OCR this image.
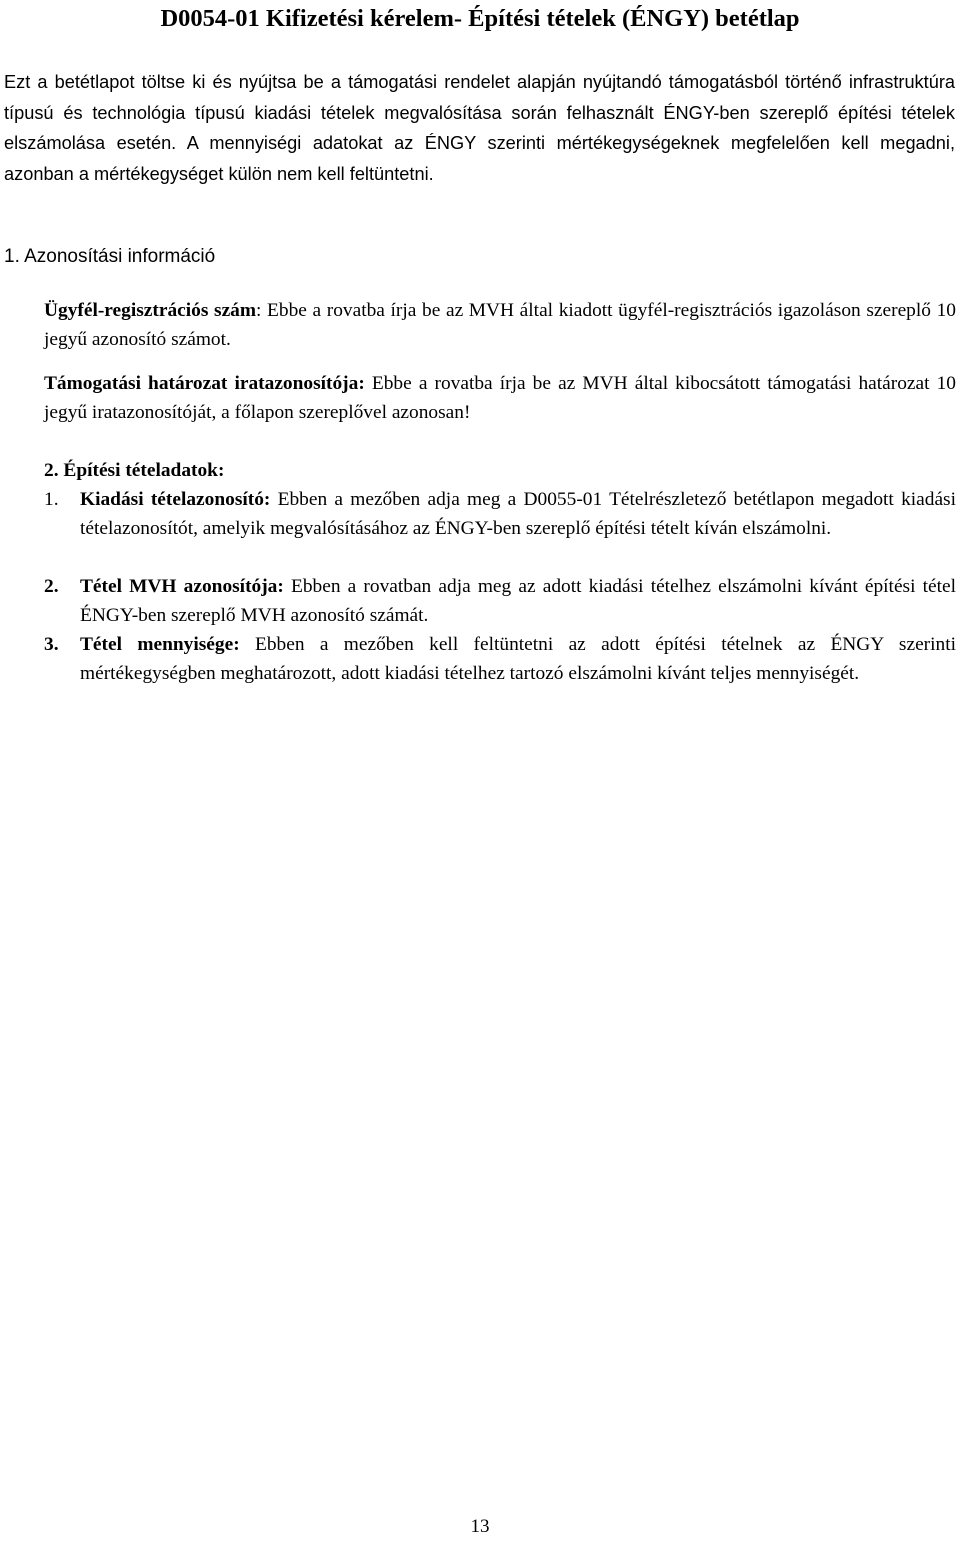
D0054-01 Kifizetési kérelem- Építési tételek (ÉNGY) betétlap
Ezt a betétlapot töltse ki és nyújtsa be a támogatási rendelet alapján nyújtandó támogatásból történő infrastruktúra típusú és technológia típusú kiadási tételek megvalósítása során felhasznált ÉNGY-ben szereplő építési tételek elszámolása esetén. A mennyiségi adatokat az ÉNGY szerinti mértékegységeknek megfelelően kell megadni, azonban a mértékegységet külön nem kell feltüntetni.
1. Azonosítási információ
Ügyfél-regisztrációs szám: Ebbe a rovatba írja be az MVH által kiadott ügyfél-regisztrációs igazoláson szereplő 10 jegyű azonosító számot.
Támogatási határozat iratazonosítója: Ebbe a rovatba írja be az MVH által kibocsátott támogatási határozat 10 jegyű iratazonosítóját, a főlapon szereplővel azonosan!
2. Építési tételadatok:
1. Kiadási tételazonosító: Ebben a mezőben adja meg a D0055-01 Tételrészletező betétlapon megadott kiadási tételazonosítót, amelyik megvalósításához az ÉNGY-ben szereplő építési tételt kíván elszámolni.
2. Tétel MVH azonosítója: Ebben a rovatban adja meg az adott kiadási tételhez elszámolni kívánt építési tétel ÉNGY-ben szereplő MVH azonosító számát.
3. Tétel mennyisége: Ebben a mezőben kell feltüntetni az adott építési tételnek az ÉNGY szerinti mértékegységben meghatározott, adott kiadási tételhez tartozó elszámolni kívánt teljes mennyiségét.
13
